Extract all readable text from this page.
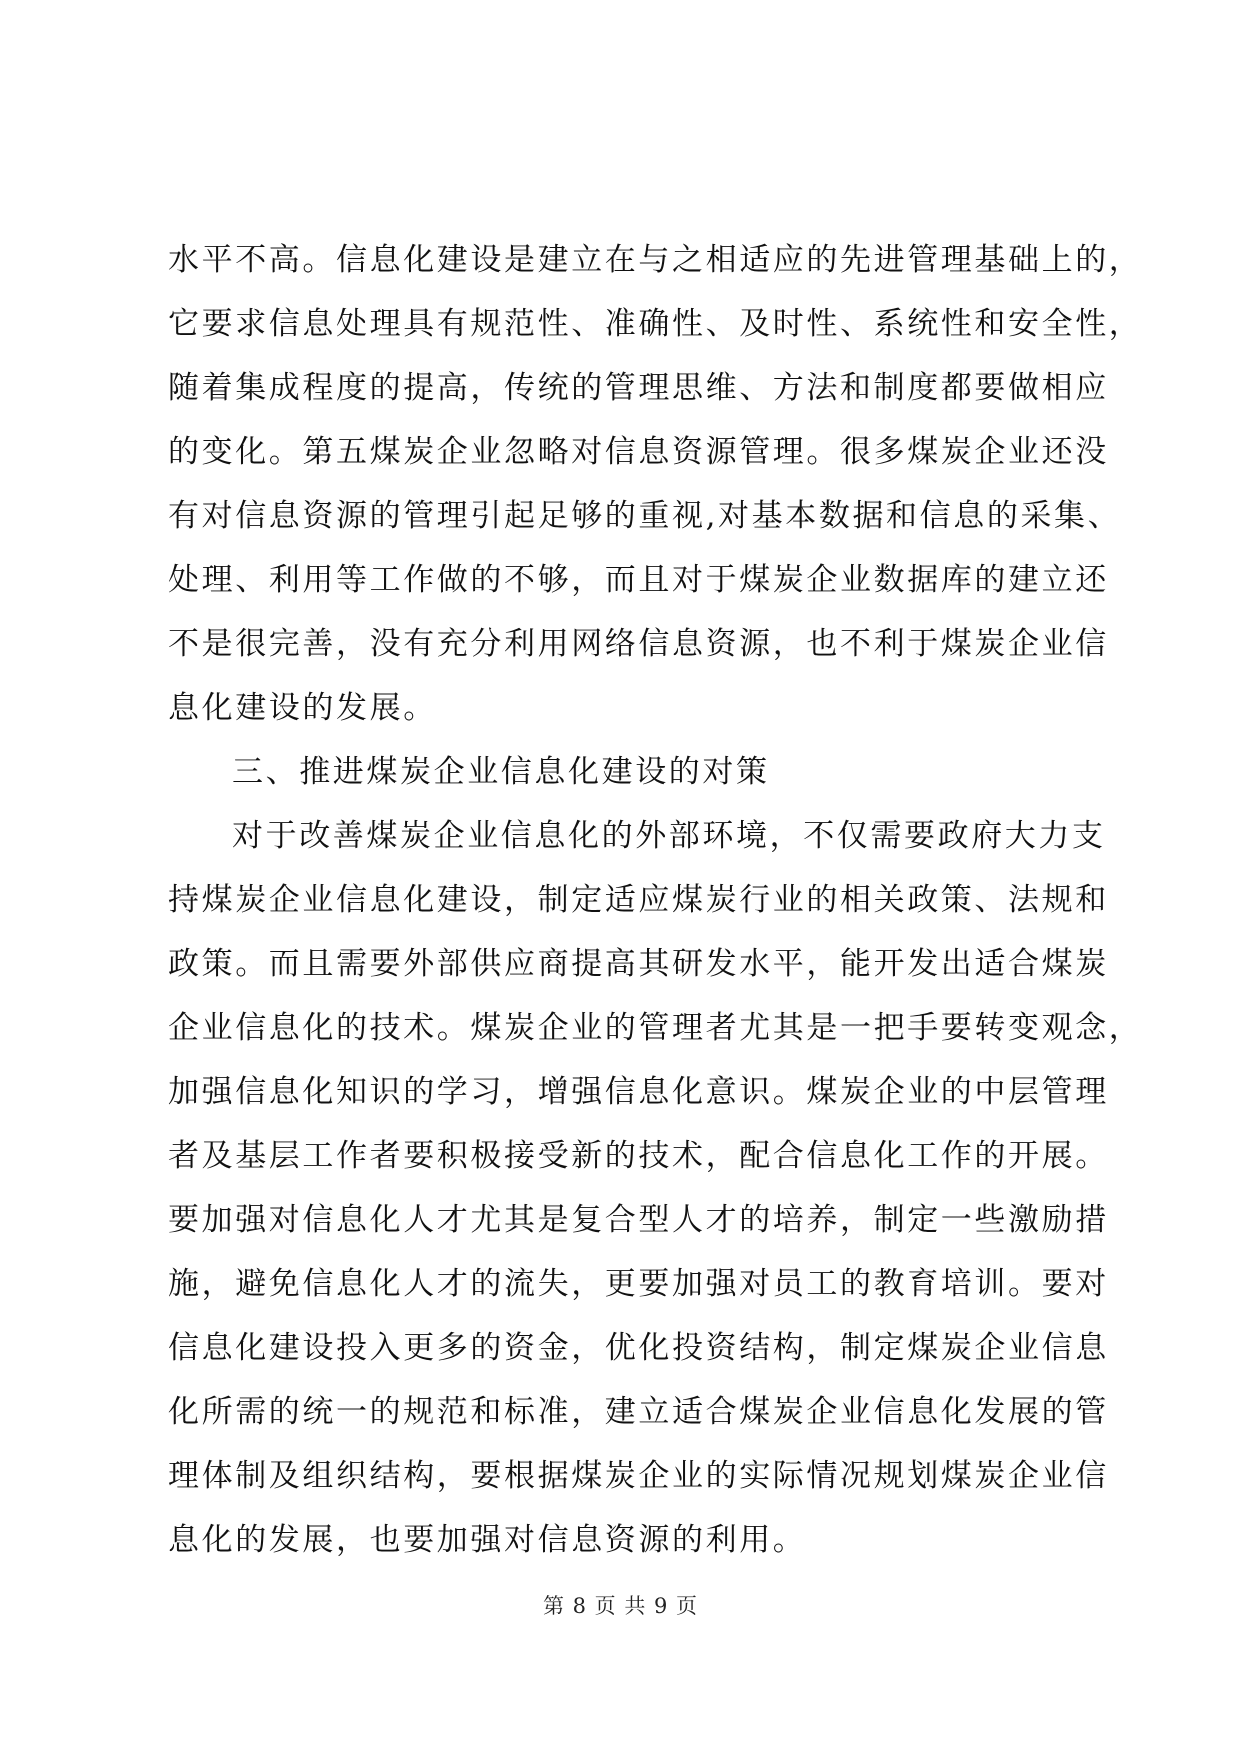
水平不高。信息化建设是建立在与之相适应的先进管理基础上的，
它要求信息处理具有规范性、准确性、及时性、系统性和安全性，
随着集成程度的提高，传统的管理思维、方法和制度都要做相应
的变化。第五煤炭企业忽略对信息资源管理。很多煤炭企业还没
有对信息资源的管理引起足够的重视,对基本数据和信息的采集、
处理、利用等工作做的不够，而且对于煤炭企业数据库的建立还
不是很完善，没有充分利用网络信息资源，也不利于煤炭企业信
息化建设的发展。
三、推进煤炭企业信息化建设的对策
对于改善煤炭企业信息化的外部环境，不仅需要政府大力支
持煤炭企业信息化建设，制定适应煤炭行业的相关政策、法规和
政策。而且需要外部供应商提高其研发水平，能开发出适合煤炭
企业信息化的技术。煤炭企业的管理者尤其是一把手要转变观念，
加强信息化知识的学习，增强信息化意识。煤炭企业的中层管理
者及基层工作者要积极接受新的技术，配合信息化工作的开展。
要加强对信息化人才尤其是复合型人才的培养，制定一些激励措
施，避免信息化人才的流失，更要加强对员工的教育培训。要对
信息化建设投入更多的资金，优化投资结构，制定煤炭企业信息
化所需的统一的规范和标准，建立适合煤炭企业信息化发展的管
理体制及组织结构，要根据煤炭企业的实际情况规划煤炭企业信
息化的发展，也要加强对信息资源的利用。
第 8 页 共 9 页
